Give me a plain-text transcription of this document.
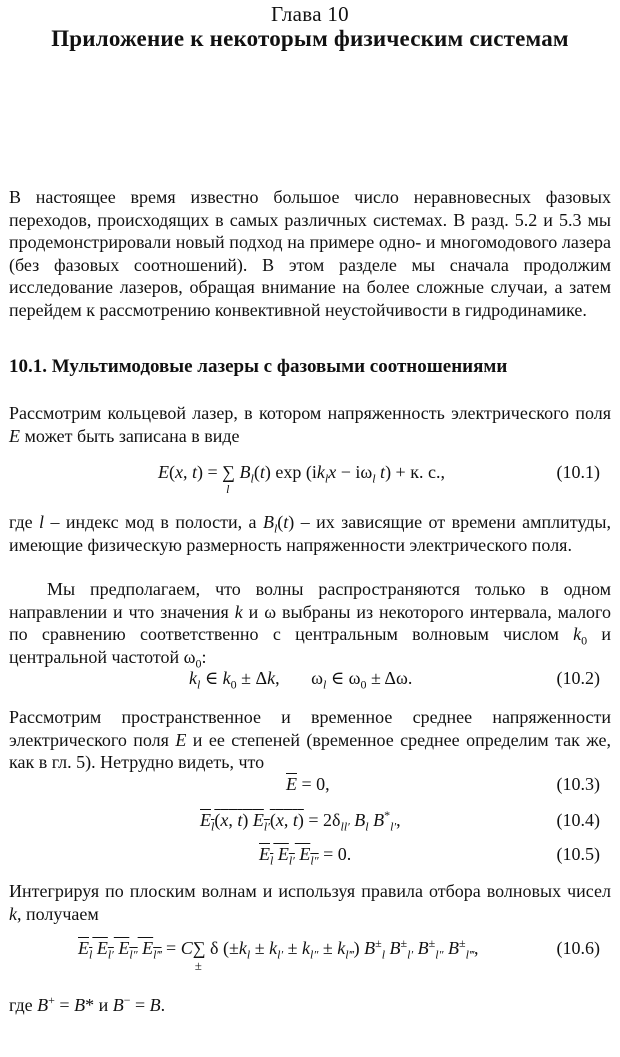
Глава 10
Приложение к некоторым физическим системам

В настоящее время известно большое число неравновесных фазовых переходов, происходящих в самых различных системах. В разд. 5.2 и 5.3 мы продемонстрировали новый подход на примере одно- и многомодового лазера (без фазовых соотношений). В этом разделе мы сначала продолжим исследование лазеров, обращая внимание на более сложные случаи, а затем перейдем к рассмотрению конвективной неустойчивости в гидродинамике.

10.1. Мультимодовые лазеры с фазовыми соотношениями

Рассмотрим кольцевой лазер, в котором напряженность электрического поля E может быть записана в виде

E(x, t) = ∑
l
$B_l(t)$ $\exp (ik_lx - i\omega_l$ t) + к. с.,	(10.1)

где l – индекс мод в полости, а $B_l(t)$ – их зависящие от времени амплитуды, имеющие физическую размерность напряженности электрического поля.

Мы предполагаем, что волны распространяются только в одном направлении и что значения k и ω выбраны из некоторого интервала, малого по сравнению соответственно с центральным волновым числом $k_0$ и центральной частотой $\omega_0$:

$k_l$ ∈ $k_0 \pm \Delta k$,       $\omega_l$ ∈ $\omega_0 \pm \Delta\omega$.	(10.2)

Рассмотрим пространственное и временное среднее напряженности электрического поля E и ее степеней (временное среднее определим так же, как в гл. 5). Нетрудно видеть, что

$\overline{E} = 0$,	(10.3)
$E_l(x$, t) $E_{l'}(x$, $t) = 2\delta_{ll'}$ $B_l$ $B^*_{l'}$,	(10.4)
$E_l$ $E_{l'}$ $E_{l''} = 0$.	(10.5)

Интегрируя по плоским волнам и используя правила отбора волновых чисел k, получаем

$E_l$ $E_{l'}$ $E_{l''}$ $E_{l‴} = C\sum$
±
δ $(\pm k_l \pm k_{l'} \pm k_{l''} \pm k_{l‴})$ $B^\pm_l$ $B^\pm_{l'}$ $B^\pm_{l''}$ $B^\pm_{l‴}$,	(10.6)

где B+ = B* и B− = B.
